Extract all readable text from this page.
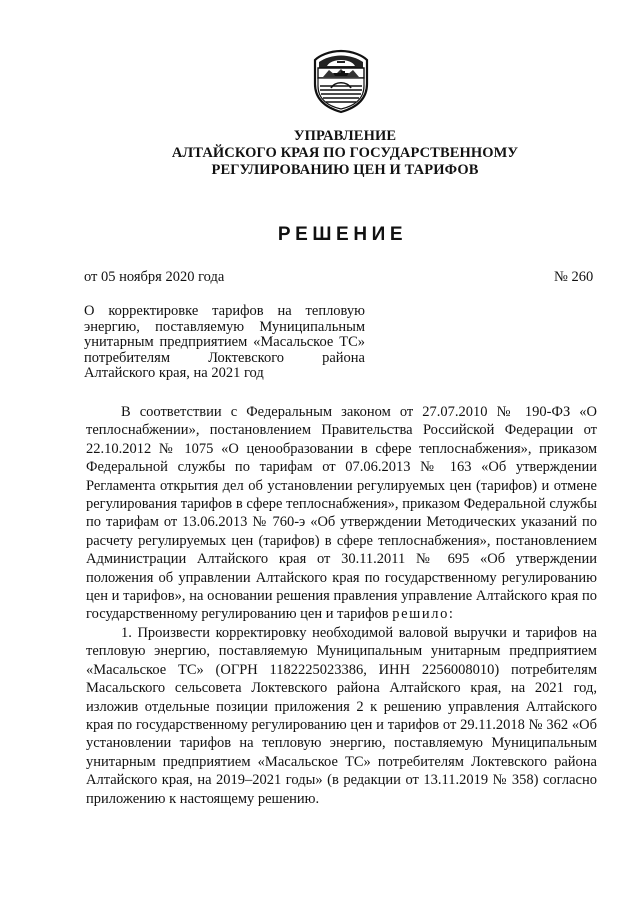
УПРАВЛЕНИЕ
АЛТАЙСКОГО КРАЯ ПО ГОСУДАРСТВЕННОМУ
РЕГУЛИРОВАНИЮ ЦЕН И ТАРИФОВ
РЕШЕНИЕ
от 05 ноября 2020 года	№ 260
О корректировке тарифов на тепловую энергию, поставляемую Муниципальным унитарным предприятием «Масальское ТС» потребителям Локтевского района Алтайского края, на 2021 год

В соответствии с Федеральным законом от 27.07.2010 № 190-ФЗ «О теплоснабжении», постановлением Правительства Российской Федерации от 22.10.2012 № 1075 «О ценообразовании в сфере теплоснабжения», приказом Федеральной службы по тарифам от 07.06.2013 № 163 «Об утверждении Регламента открытия дел об установлении регулируемых цен (тарифов) и отмене регулирования тарифов в сфере теплоснабжения», приказом Федеральной службы по тарифам от 13.06.2013 № 760-э «Об утверждении Методических указаний по расчету регулируемых цен (тарифов) в сфере теплоснабжения», постановлением Администрации Алтайского края от 30.11.2011 № 695 «Об утверждении положения об управлении Алтайского края по государственному регулированию цен и тарифов», на основании решения правления управление Алтайского края по государственному регулированию цен и тарифов решило:

1. Произвести корректировку необходимой валовой выручки и тарифов на тепловую энергию, поставляемую Муниципальным унитарным предприятием «Масальское ТС» (ОГРН 1182225023386, ИНН 2256008010) потребителям Масальского сельсовета Локтевского района Алтайского края, на 2021 год, изложив отдельные позиции приложения 2 к решению управления Алтайского края по государственному регулированию цен и тарифов от 29.11.2018 № 362 «Об установлении тарифов на тепловую энергию, поставляемую Муниципальным унитарным предприятием «Масальское ТС» потребителям Локтевского района Алтайского края, на 2019–2021 годы» (в редакции от 13.11.2019 № 358) согласно приложению к настоящему решению.
